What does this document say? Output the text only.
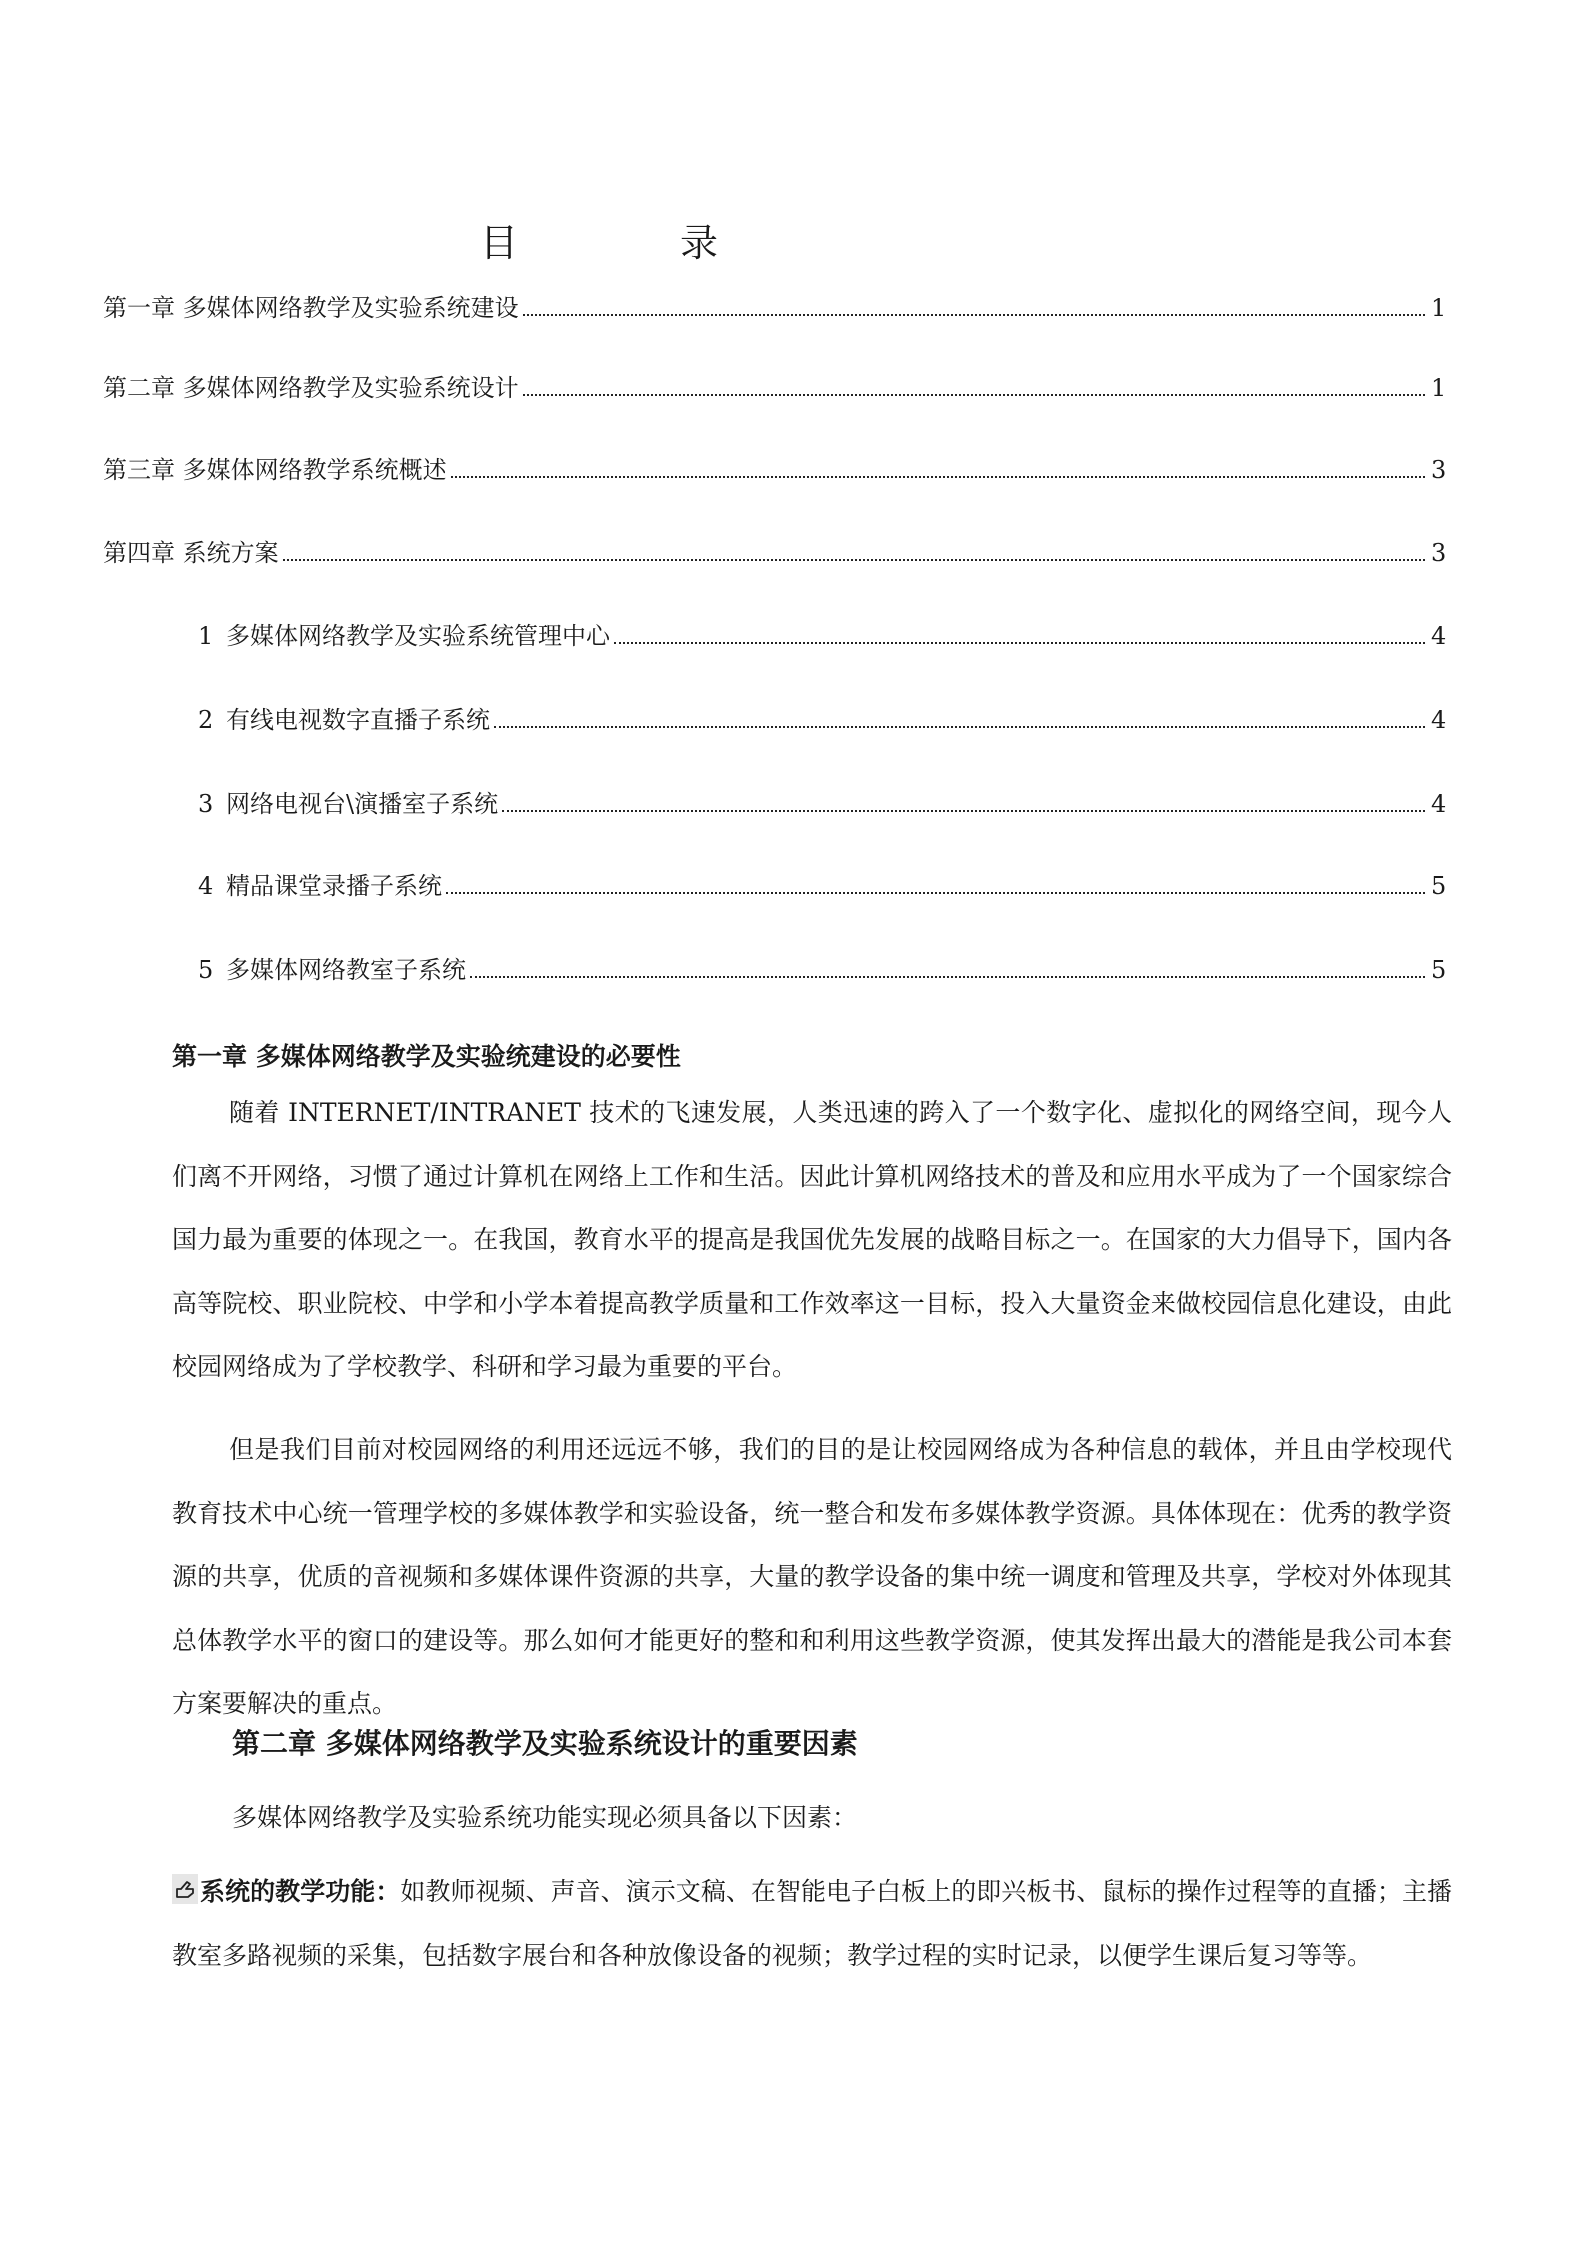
目　录
第一章 多媒体网络教学及实验系统建设	1
第二章 多媒体网络教学及实验系统设计	1
第三章 多媒体网络教学系统概述	3
第四章 系统方案	3
1 多媒体网络教学及实验系统管理中心	4
2 有线电视数字直播子系统	4
3 网络电视台\演播室子系统	4
4 精品课堂录播子系统	5
5 多媒体网络教室子系统	5
第一章 多媒体网络教学及实验统建设的必要性

随着 INTERNET/INTRANET 技术的飞速发展，人类迅速的跨入了一个数字化、虚拟化的网络空间，现今人们离不开网络，习惯了通过计算机在网络上工作和生活。因此计算机网络技术的普及和应用水平成为了一个国家综合国力最为重要的体现之一。在我国，教育水平的提高是我国优先发展的战略目标之一。在国家的大力倡导下，国内各高等院校、职业院校、中学和小学本着提高教学质量和工作效率这一目标，投入大量资金来做校园信息化建设，由此校园网络成为了学校教学、科研和学习最为重要的平台。

但是我们目前对校园网络的利用还远远不够，我们的目的是让校园网络成为各种信息的载体，并且由学校现代教育技术中心统一管理学校的多媒体教学和实验设备，统一整合和发布多媒体教学资源。具体体现在：优秀的教学资源的共享，优质的音视频和多媒体课件资源的共享，大量的教学设备的集中统一调度和管理及共享，学校对外体现其总体教学水平的窗口的建设等。那么如何才能更好的整和和利用这些教学资源，使其发挥出最大的潜能是我公司本套方案要解决的重点。

第二章 多媒体网络教学及实验系统设计的重要因素

多媒体网络教学及实验系统功能实现必须具备以下因素：

系统的教学功能：如教师视频、声音、演示文稿、在智能电子白板上的即兴板书、鼠标的操作过程等的直播；主播教室多路视频的采集，包括数字展台和各种放像设备的视频；教学过程的实时记录，以便学生课后复习等等。
